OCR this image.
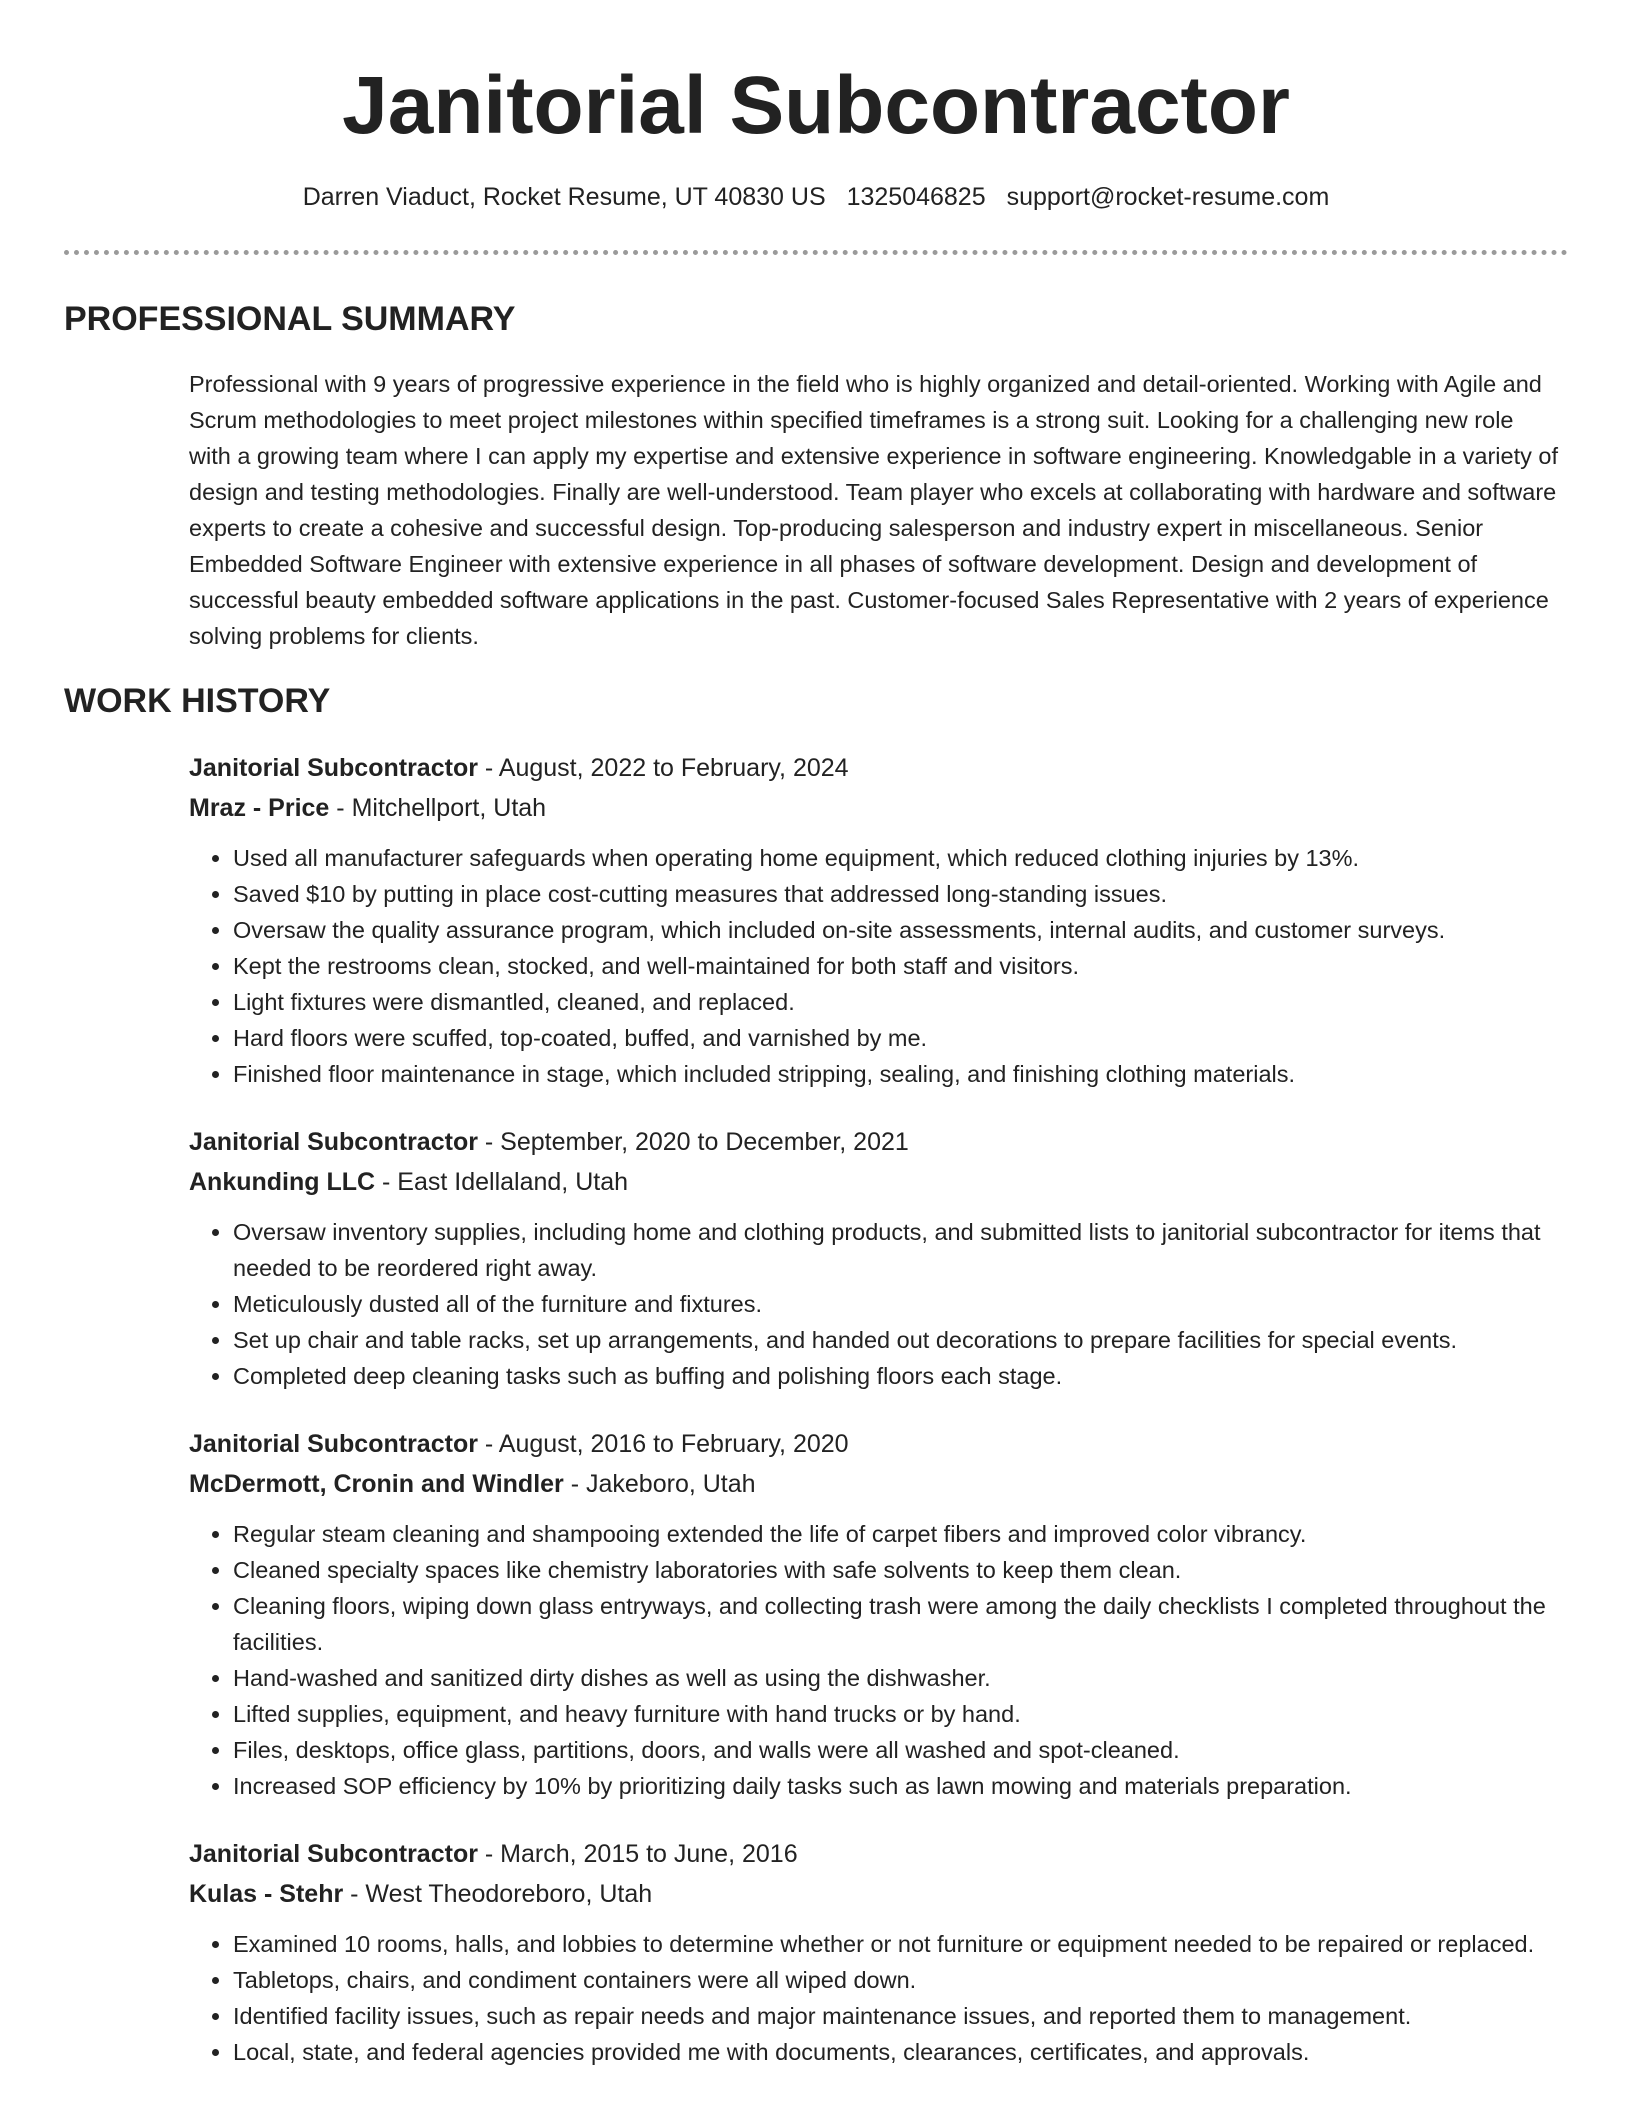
Janitorial Subcontractor
Darren Viaduct, Rocket Resume, UT 40830 US 1325046825 support@rocket-resume.com
PROFESSIONAL SUMMARY

Professional with 9 years of progressive experience in the field who is highly organized and detail-oriented. Working with Agile and Scrum methodologies to meet project milestones within specified timeframes is a strong suit. Looking for a challenging new role with a growing team where I can apply my expertise and extensive experience in software engineering. Knowledgable in a variety of design and testing methodologies. Finally are well-understood. Team player who excels at collaborating with hardware and software experts to create a cohesive and successful design. Top-producing salesperson and industry expert in miscellaneous. Senior Embedded Software Engineer with extensive experience in all phases of software development. Design and development of successful beauty embedded software applications in the past. Customer-focused Sales Representative with 2 years of experience solving problems for clients.

WORK HISTORY

Janitorial Subcontractor - August, 2022 to February, 2024

Mraz - Price - Mitchellport, Utah

• Used all manufacturer safeguards when operating home equipment, which reduced clothing injuries by 13%.
• Saved $10 by putting in place cost-cutting measures that addressed long-standing issues.
• Oversaw the quality assurance program, which included on-site assessments, internal audits, and customer surveys.
• Kept the restrooms clean, stocked, and well-maintained for both staff and visitors.
• Light fixtures were dismantled, cleaned, and replaced.
• Hard floors were scuffed, top-coated, buffed, and varnished by me.
• Finished floor maintenance in stage, which included stripping, sealing, and finishing clothing materials.

Janitorial Subcontractor - September, 2020 to December, 2021

Ankunding LLC - East Idellaland, Utah

• Oversaw inventory supplies, including home and clothing products, and submitted lists to janitorial subcontractor for items that needed to be reordered right away.
• Meticulously dusted all of the furniture and fixtures.
• Set up chair and table racks, set up arrangements, and handed out decorations to prepare facilities for special events.
• Completed deep cleaning tasks such as buffing and polishing floors each stage.

Janitorial Subcontractor - August, 2016 to February, 2020

McDermott, Cronin and Windler - Jakeboro, Utah

• Regular steam cleaning and shampooing extended the life of carpet fibers and improved color vibrancy.
• Cleaned specialty spaces like chemistry laboratories with safe solvents to keep them clean.
• Cleaning floors, wiping down glass entryways, and collecting trash were among the daily checklists I completed throughout the facilities.
• Hand-washed and sanitized dirty dishes as well as using the dishwasher.
• Lifted supplies, equipment, and heavy furniture with hand trucks or by hand.
• Files, desktops, office glass, partitions, doors, and walls were all washed and spot-cleaned.
• Increased SOP efficiency by 10% by prioritizing daily tasks such as lawn mowing and materials preparation.

Janitorial Subcontractor - March, 2015 to June, 2016

Kulas - Stehr - West Theodoreboro, Utah

• Examined 10 rooms, halls, and lobbies to determine whether or not furniture or equipment needed to be repaired or replaced.
• Tabletops, chairs, and condiment containers were all wiped down.
• Identified facility issues, such as repair needs and major maintenance issues, and reported them to management.
• Local, state, and federal agencies provided me with documents, clearances, certificates, and approvals.
